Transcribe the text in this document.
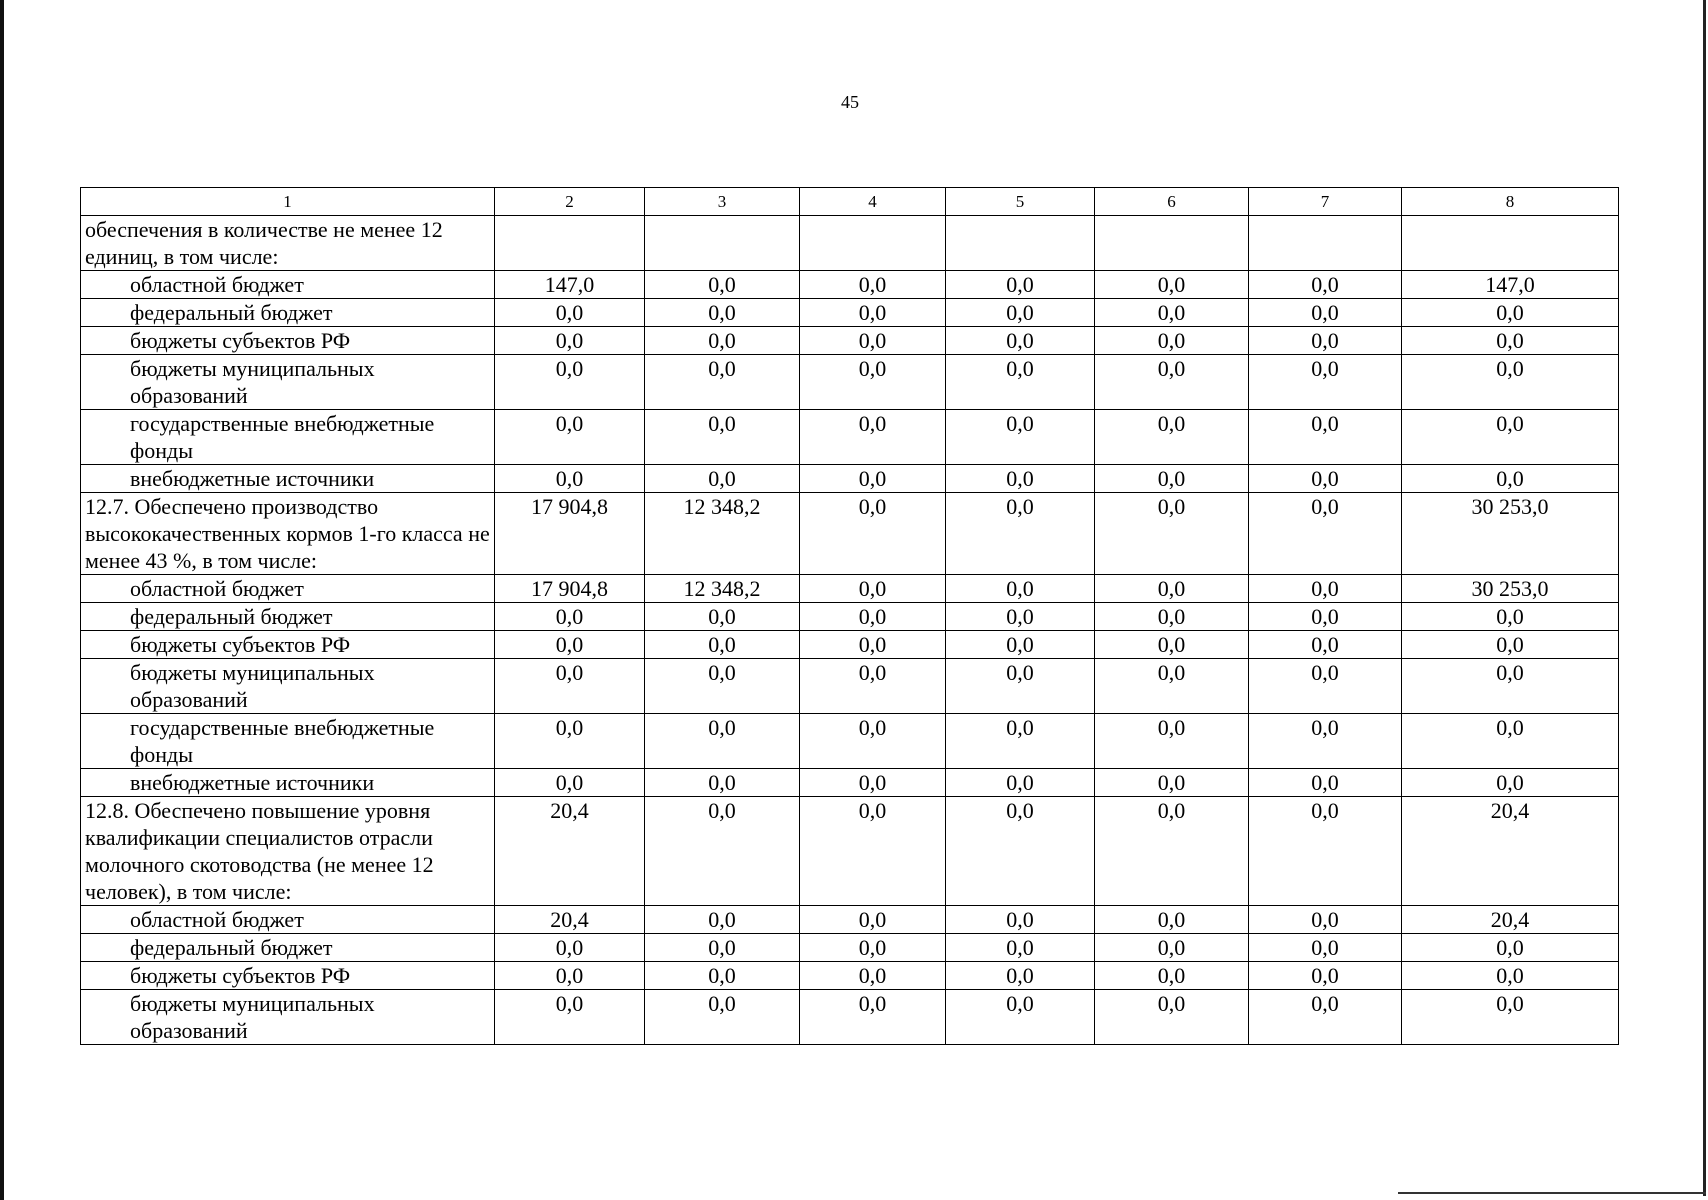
45
1	2	3	4	5	6	7	8
обеспечения в количестве не менее 12 единиц, в том числе:							
областной бюджет	147,0	0,0	0,0	0,0	0,0	0,0	147,0
федеральный бюджет	0,0	0,0	0,0	0,0	0,0	0,0	0,0
бюджеты субъектов РФ	0,0	0,0	0,0	0,0	0,0	0,0	0,0
бюджеты муниципальных образований	0,0	0,0	0,0	0,0	0,0	0,0	0,0
государственные внебюджетные фонды	0,0	0,0	0,0	0,0	0,0	0,0	0,0
внебюджетные источники	0,0	0,0	0,0	0,0	0,0	0,0	0,0
12.7. Обеспечено производство высококачественных кормов 1-го класса не менее 43 %, в том числе:	17 904,8	12 348,2	0,0	0,0	0,0	0,0	30 253,0
областной бюджет	17 904,8	12 348,2	0,0	0,0	0,0	0,0	30 253,0
федеральный бюджет	0,0	0,0	0,0	0,0	0,0	0,0	0,0
бюджеты субъектов РФ	0,0	0,0	0,0	0,0	0,0	0,0	0,0
бюджеты муниципальных образований	0,0	0,0	0,0	0,0	0,0	0,0	0,0
государственные внебюджетные фонды	0,0	0,0	0,0	0,0	0,0	0,0	0,0
внебюджетные источники	0,0	0,0	0,0	0,0	0,0	0,0	0,0
12.8. Обеспечено повышение уровня квалификации специалистов отрасли молочного скотоводства (не менее 12 человек), в том числе:	20,4	0,0	0,0	0,0	0,0	0,0	20,4
областной бюджет	20,4	0,0	0,0	0,0	0,0	0,0	20,4
федеральный бюджет	0,0	0,0	0,0	0,0	0,0	0,0	0,0
бюджеты субъектов РФ	0,0	0,0	0,0	0,0	0,0	0,0	0,0
бюджеты муниципальных образований	0,0	0,0	0,0	0,0	0,0	0,0	0,0
